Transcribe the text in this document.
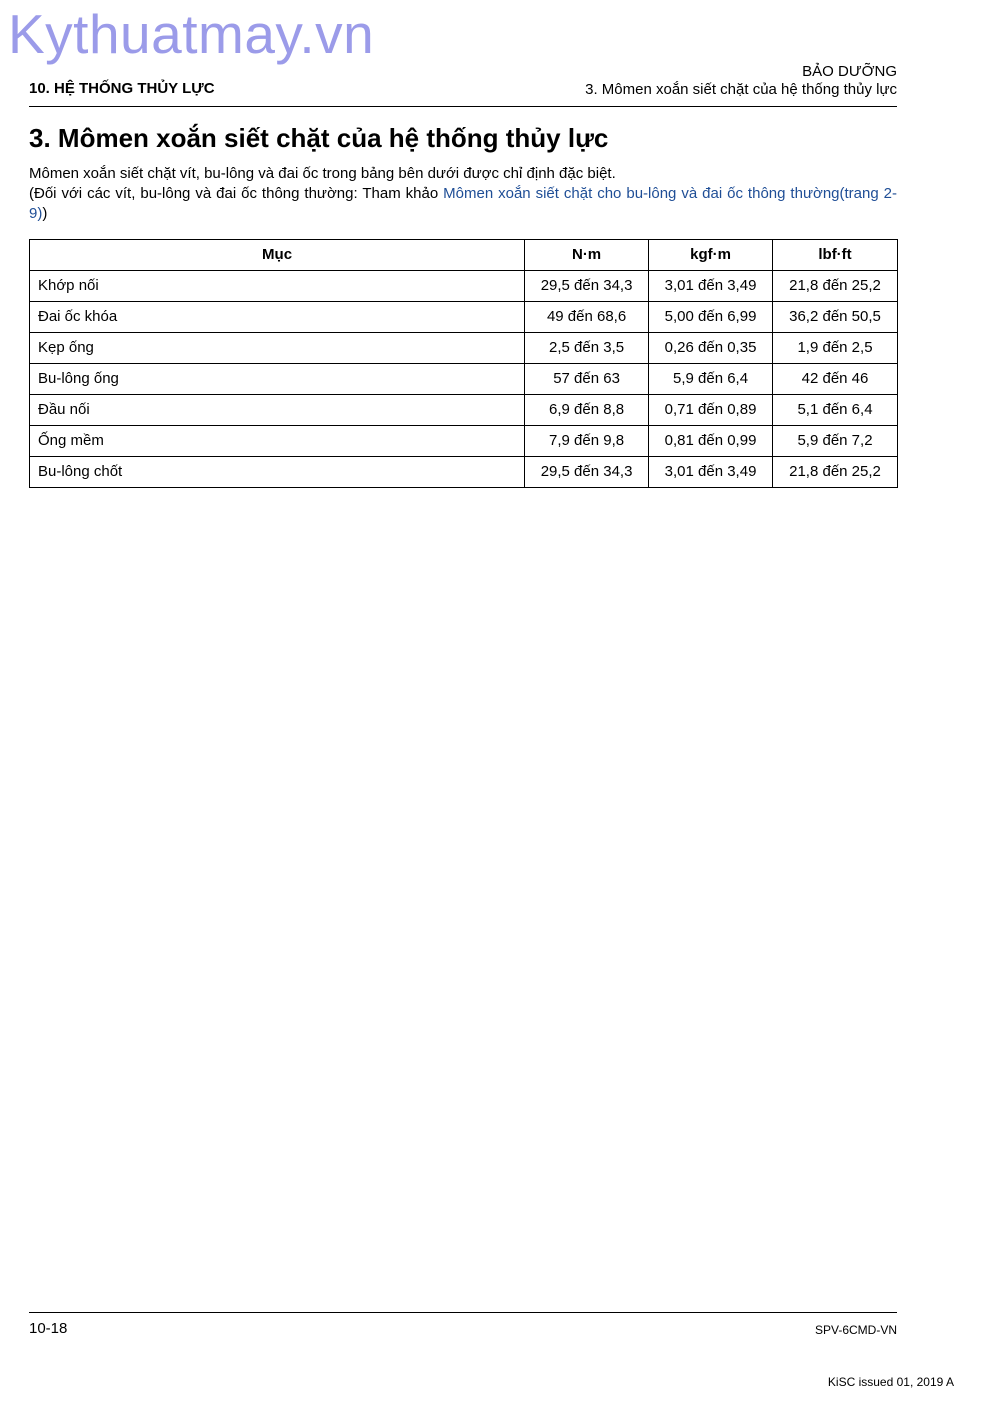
Kythuatmay.vn
10. HỆ THỐNG THỦY LỰC
BẢO DƯỠNG
3. Mômen xoắn siết chặt của hệ thống thủy lực
3. Mômen xoắn siết chặt của hệ thống thủy lực

Mômen xoắn siết chặt vít, bu-lông và đai ốc trong bảng bên dưới được chỉ định đặc biệt.

(Đối với các vít, bu-lông và đai ốc thông thường: Tham khảo Mômen xoắn siết chặt cho bu-lông và đai ốc thông thường(trang 2-9))

Mục	N·m	kgf·m	lbf·ft
Khớp nối	29,5 đến 34,3	3,01 đến 3,49	21,8 đến 25,2
Đai ốc khóa	49 đến 68,6	5,00 đến 6,99	36,2 đến 50,5
Kẹp ống	2,5 đến 3,5	0,26 đến 0,35	1,9 đến 2,5
Bu-lông ống	57 đến 63	5,9 đến 6,4	42 đến 46
Đầu nối	6,9 đến 8,8	0,71 đến 0,89	5,1 đến 6,4
Ống mềm	7,9 đến 9,8	0,81 đến 0,99	5,9 đến 7,2
Bu-lông chốt	29,5 đến 34,3	3,01 đến 3,49	21,8 đến 25,2
10-18	SPV-6CMD-VN
KiSC issued 01, 2019 A
